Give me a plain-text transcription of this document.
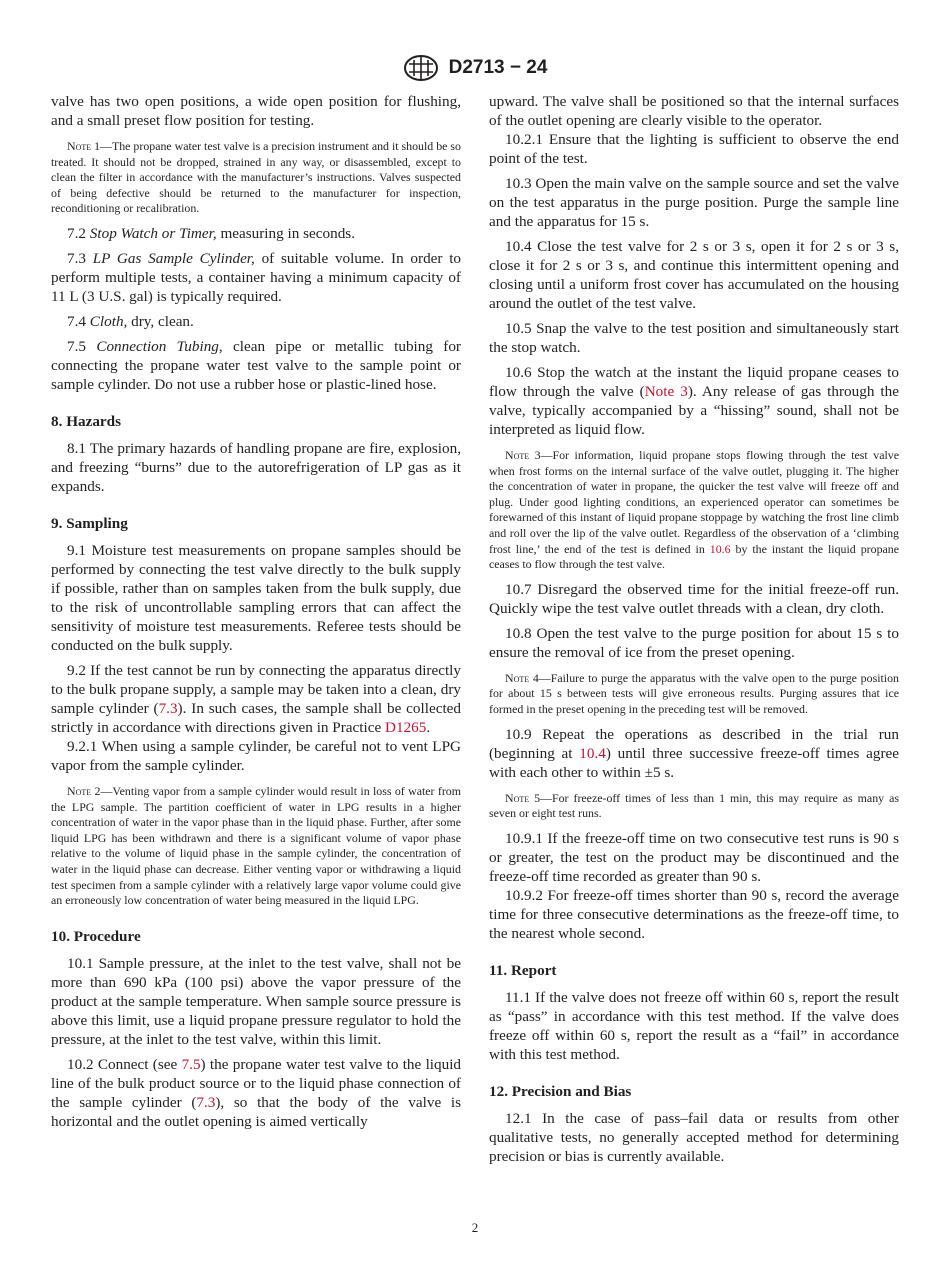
D2713 − 24

valve has two open positions, a wide open position for flushing, and a small preset flow position for testing.

Note 1—The propane water test valve is a precision instrument and it should be so treated. It should not be dropped, strained in any way, or disassembled, except to clean the filter in accordance with the manufacturer’s instructions. Valves suspected of being defective should be returned to the manufacturer for inspection, reconditioning or recalibration.

7.2 Stop Watch or Timer, measuring in seconds.

7.3 LP Gas Sample Cylinder, of suitable volume. In order to perform multiple tests, a container having a minimum capacity of 11 L (3 U.S. gal) is typically required.

7.4 Cloth, dry, clean.

7.5 Connection Tubing, clean pipe or metallic tubing for connecting the propane water test valve to the sample point or sample cylinder. Do not use a rubber hose or plastic-lined hose.

8. Hazards

8.1 The primary hazards of handling propane are fire, explosion, and freezing “burns” due to the autorefrigeration of LP gas as it expands.

9. Sampling

9.1 Moisture test measurements on propane samples should be performed by connecting the test valve directly to the bulk supply if possible, rather than on samples taken from the bulk supply, due to the risk of uncontrollable sampling errors that can affect the sensitivity of moisture test measurements. Referee tests should be conducted on the bulk supply.

9.2 If the test cannot be run by connecting the apparatus directly to the bulk propane supply, a sample may be taken into a clean, dry sample cylinder (7.3). In such cases, the sample shall be collected strictly in accordance with directions given in Practice D1265.

9.2.1 When using a sample cylinder, be careful not to vent LPG vapor from the sample cylinder.

Note 2—Venting vapor from a sample cylinder would result in loss of water from the LPG sample. The partition coefficient of water in LPG results in a higher concentration of water in the vapor phase than in the liquid phase. Further, after some liquid LPG has been withdrawn and there is a significant volume of vapor phase relative to the volume of liquid phase in the sample cylinder, the concentration of water in the liquid phase can decrease. Either venting vapor or withdrawing a liquid test specimen from a sample cylinder with a relatively large vapor volume could give an erroneously low concentration of water being measured in the liquid LPG.
10. Procedure

10.1 Sample pressure, at the inlet to the test valve, shall not be more than 690 kPa (100 psi) above the vapor pressure of the product at the sample temperature. When sample source pressure is above this limit, use a liquid propane pressure regulator to hold the pressure, at the inlet to the test valve, within this limit.

10.2 Connect (see 7.5) the propane water test valve to the liquid line of the bulk product source or to the liquid phase connection of the sample cylinder (7.3), so that the body of the valve is horizontal and the outlet opening is aimed vertically

upward. The valve shall be positioned so that the internal surfaces of the outlet opening are clearly visible to the operator.

10.2.1 Ensure that the lighting is sufficient to observe the end point of the test.

10.3 Open the main valve on the sample source and set the valve on the test apparatus in the purge position. Purge the sample line and the apparatus for 15 s.

10.4 Close the test valve for 2 s or 3 s, open it for 2 s or 3 s, close it for 2 s or 3 s, and continue this intermittent opening and closing until a uniform frost cover has accumulated on the housing around the outlet of the test valve.

10.5 Snap the valve to the test position and simultaneously start the stop watch.

10.6 Stop the watch at the instant the liquid propane ceases to flow through the valve (Note 3). Any release of gas through the valve, typically accompanied by a “hissing” sound, shall not be interpreted as liquid flow.

Note 3—For information, liquid propane stops flowing through the test valve when frost forms on the internal surface of the valve outlet, plugging it. The higher the concentration of water in propane, the quicker the test valve will freeze off and plug. Under good lighting conditions, an experienced operator can sometimes be forewarned of this instant of liquid propane stoppage by watching the frost line climb and roll over the lip of the valve outlet. Regardless of the observation of a ‘climbing frost line,’ the end of the test is defined in 10.6 by the instant the liquid propane ceases to flow through the test valve.

10.7 Disregard the observed time for the initial freeze-off run. Quickly wipe the test valve outlet threads with a clean, dry cloth.

10.8 Open the test valve to the purge position for about 15 s to ensure the removal of ice from the preset opening.

Note 4—Failure to purge the apparatus with the valve open to the purge position for about 15 s between tests will give erroneous results. Purging assures that ice formed in the preset opening in the preceding test will be removed.

10.9 Repeat the operations as described in the trial run (beginning at 10.4) until three successive freeze-off times agree with each other to within ±5 s.

Note 5—For freeze-off times of less than 1 min, this may require as many as seven or eight test runs.

10.9.1 If the freeze-off time on two consecutive test runs is 90 s or greater, the test on the product may be discontinued and the freeze-off time recorded as greater than 90 s.

10.9.2 For freeze-off times shorter than 90 s, record the average time for three consecutive determinations as the freeze-off time, to the nearest whole second.

11. Report

11.1 If the valve does not freeze off within 60 s, report the result as “pass” in accordance with this test method. If the valve does freeze off within 60 s, report the result as a “fail” in accordance with this test method.

12. Precision and Bias

12.1 In the case of pass–fail data or results from other qualitative tests, no generally accepted method for determining precision or bias is currently available.

2
